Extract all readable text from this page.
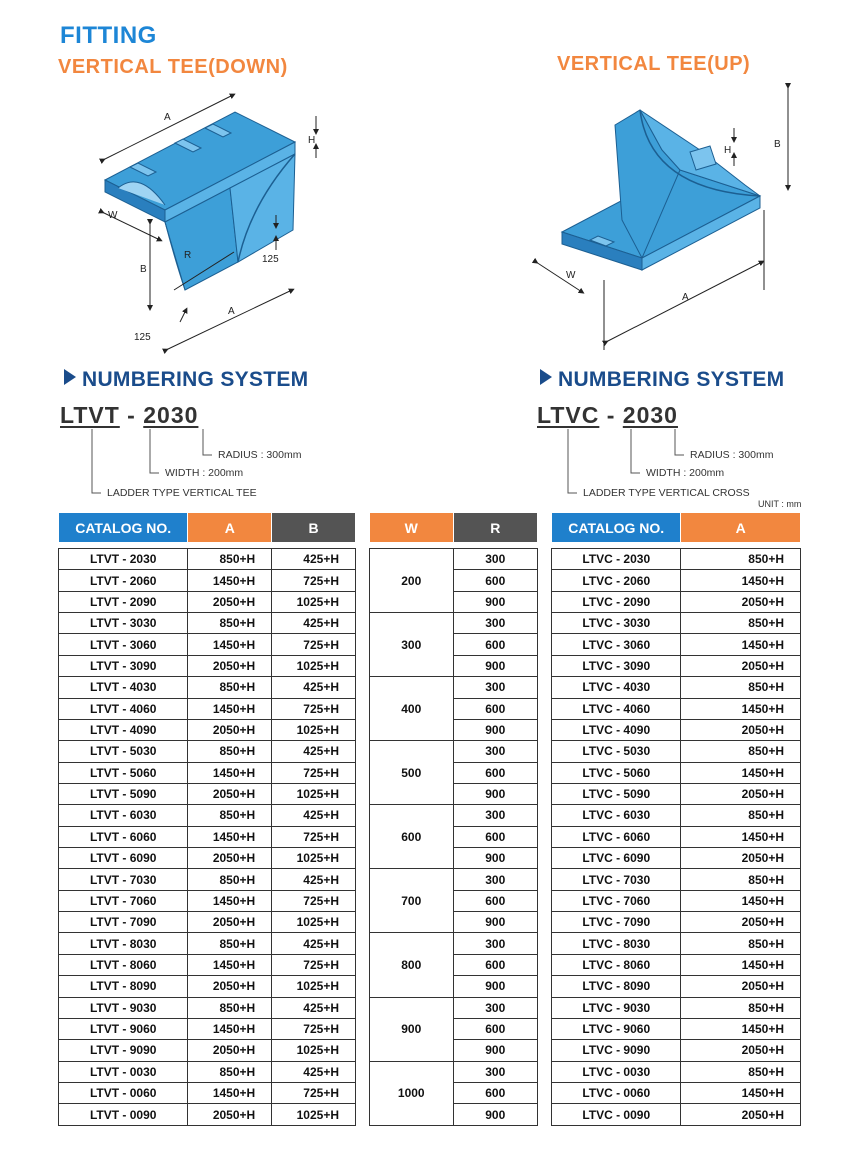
FITTING
VERTICAL TEE(DOWN)	VERTICAL TEE(UP)
A
H
W
B
R	125
125
A
B
H
W
A
NUMBERING SYSTEM	NUMBERING SYSTEM
LTVT - 2030	LTVC - 2030
RADIUS : 300mm
WIDTH : 200mm
LADDER TYPE VERTICAL TEE
RADIUS : 300mm
WIDTH : 200mm
LADDER TYPE VERTICAL CROSS
UNIT : mm
CATALOG NO.	A	B

LTVT - 2030	850+H	425+H
LTVT - 2060	1450+H	725+H
LTVT - 2090	2050+H	1025+H
LTVT - 3030	850+H	425+H
LTVT - 3060	1450+H	725+H
LTVT - 3090	2050+H	1025+H
LTVT - 4030	850+H	425+H
LTVT - 4060	1450+H	725+H
LTVT - 4090	2050+H	1025+H
LTVT - 5030	850+H	425+H
LTVT - 5060	1450+H	725+H
LTVT - 5090	2050+H	1025+H
LTVT - 6030	850+H	425+H
LTVT - 6060	1450+H	725+H
LTVT - 6090	2050+H	1025+H
LTVT - 7030	850+H	425+H
LTVT - 7060	1450+H	725+H
LTVT - 7090	2050+H	1025+H
LTVT - 8030	850+H	425+H
LTVT - 8060	1450+H	725+H
LTVT - 8090	2050+H	1025+H
LTVT - 9030	850+H	425+H
LTVT - 9060	1450+H	725+H
LTVT - 9090	2050+H	1025+H
LTVT - 0030	850+H	425+H
LTVT - 0060	1450+H	725+H
LTVT - 0090	2050+H	1025+H
W	R

200	300
	600
	900
300	300
	600
	900
400	300
	600
	900
500	300
	600
	900
600	300
	600
	900
700	300
	600
	900
800	300
	600
	900
900	300
	600
	900
1000	300
	600
	900
CATALOG NO.	A

LTVC - 2030	850+H
LTVC - 2060	1450+H
LTVC - 2090	2050+H
LTVC - 3030	850+H
LTVC - 3060	1450+H
LTVC - 3090	2050+H
LTVC - 4030	850+H
LTVC - 4060	1450+H
LTVC - 4090	2050+H
LTVC - 5030	850+H
LTVC - 5060	1450+H
LTVC - 5090	2050+H
LTVC - 6030	850+H
LTVC - 6060	1450+H
LTVC - 6090	2050+H
LTVC - 7030	850+H
LTVC - 7060	1450+H
LTVC - 7090	2050+H
LTVC - 8030	850+H
LTVC - 8060	1450+H
LTVC - 8090	2050+H
LTVC - 9030	850+H
LTVC - 9060	1450+H
LTVC - 9090	2050+H
LTVC - 0030	850+H
LTVC - 0060	1450+H
LTVC - 0090	2050+H
